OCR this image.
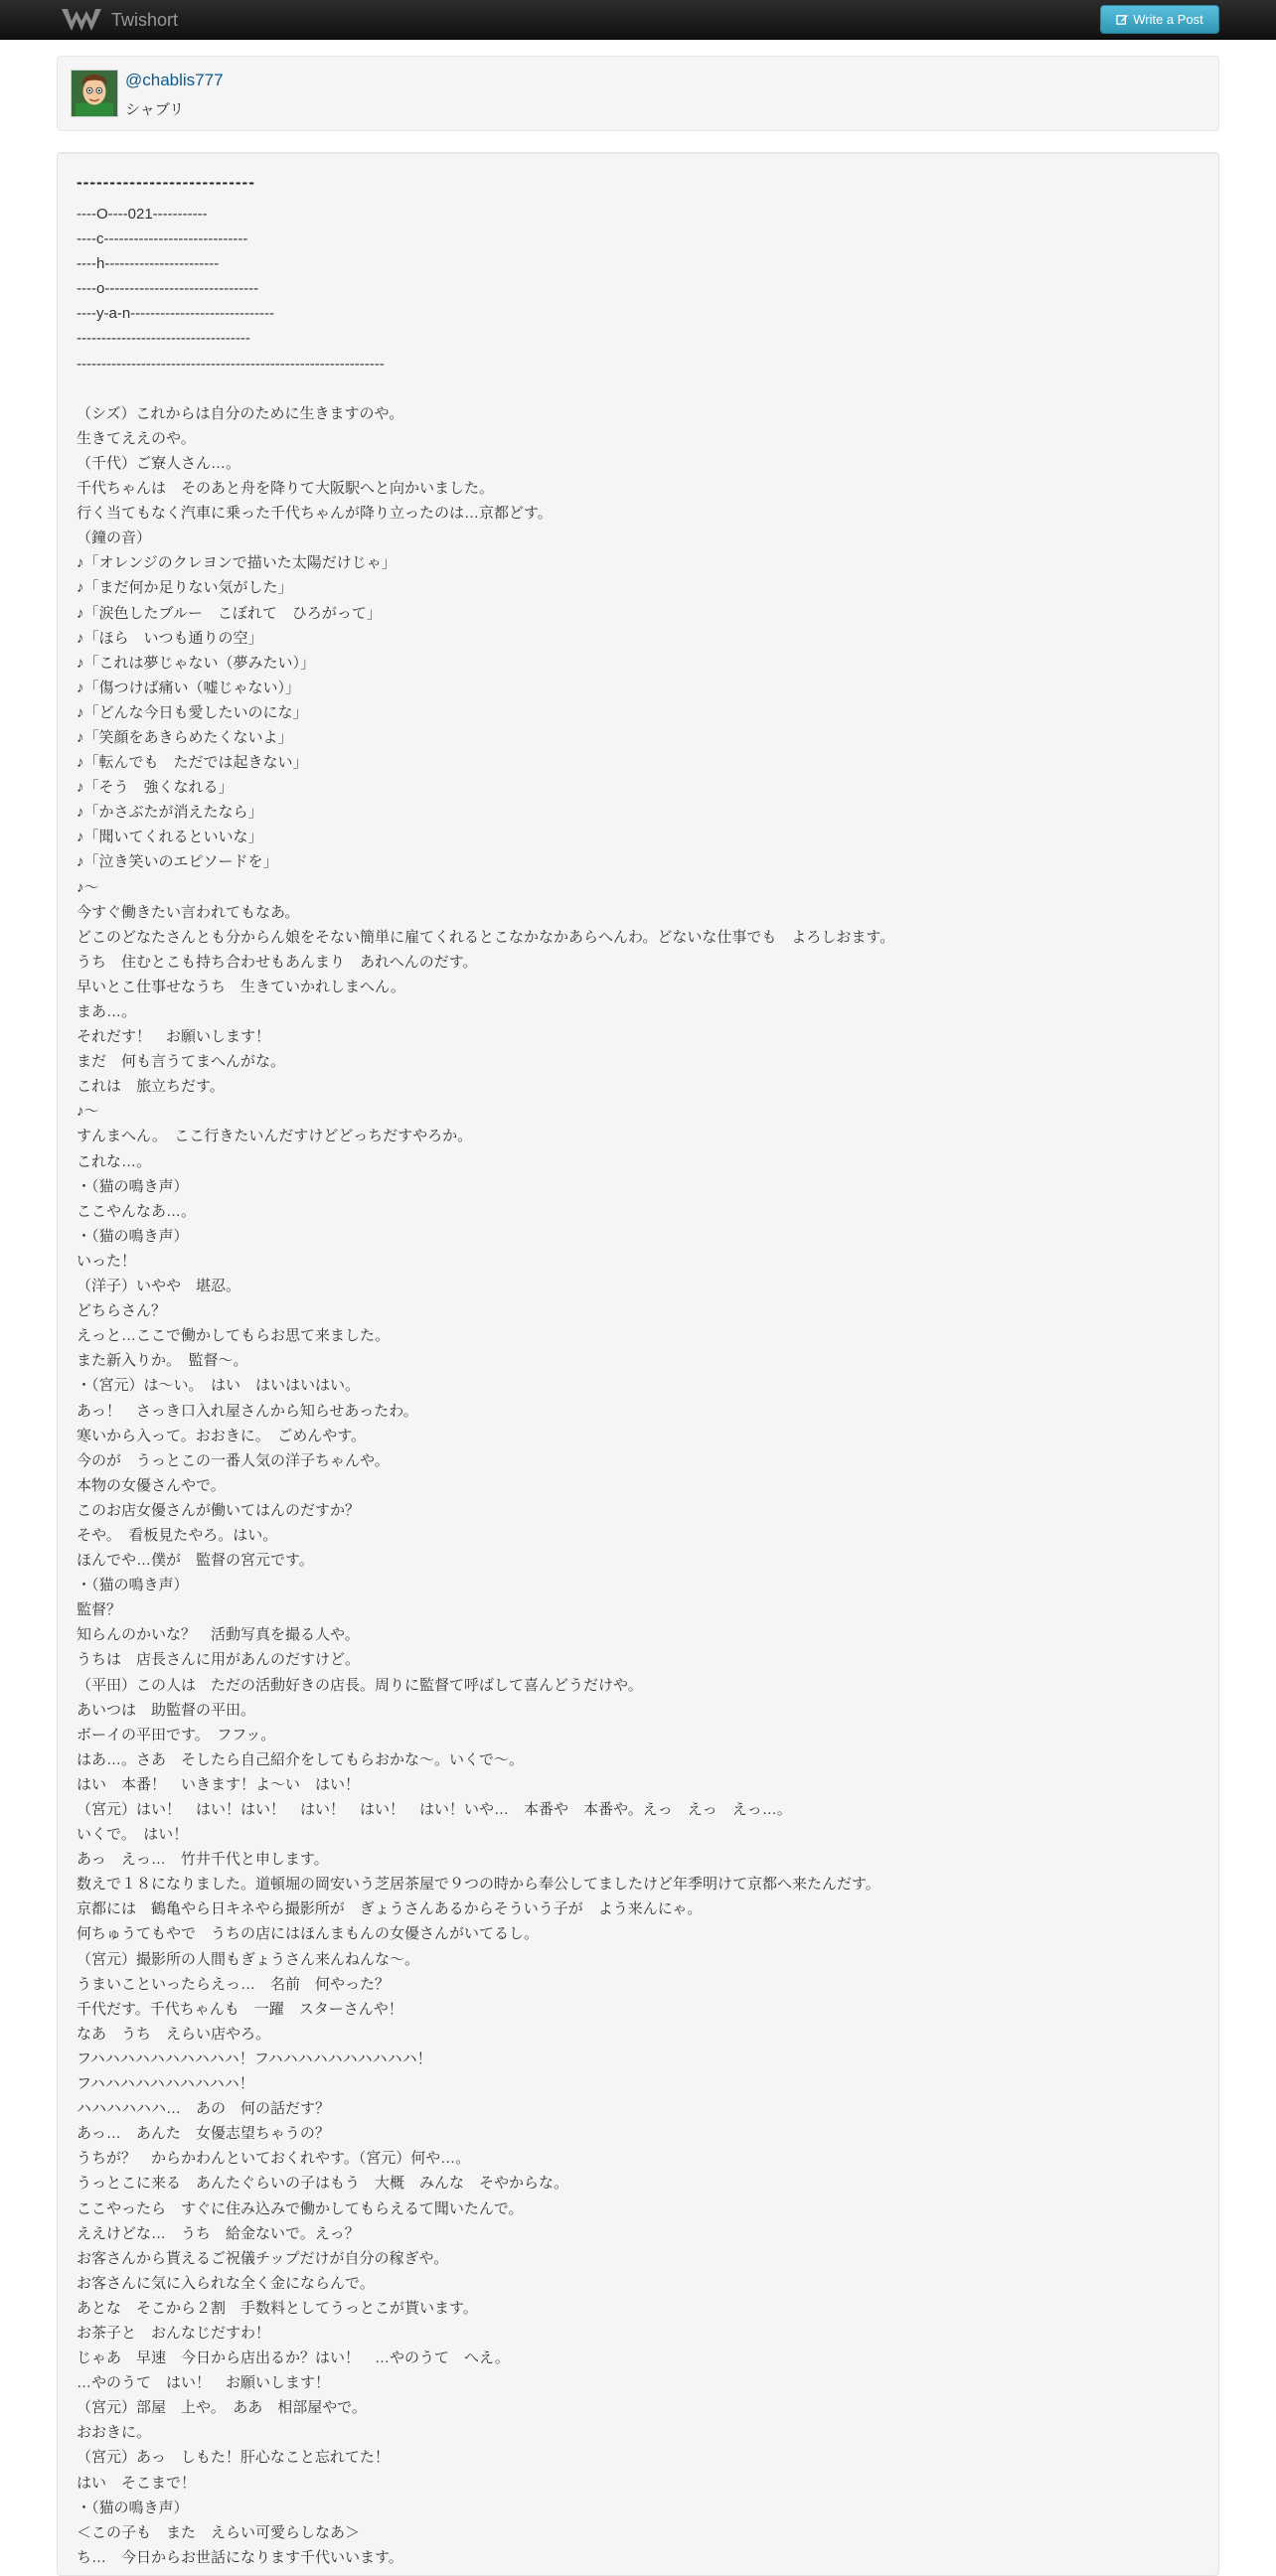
Twishort	Write a Post
@chablis777
シャブリ
---------------------------
----O----021-----------
----c-----------------------------
----h-----------------------
----o-------------------------------
----y-a-n-----------------------------
-----------------------------------
--------------------------------------------------------------
（シズ）これからは自分のために生きますのや。
生きてええのや。
（千代）ご寮人さん…。
千代ちゃんは　そのあと舟を降りて大阪駅へと向かいました。
行く当てもなく汽車に乗った千代ちゃんが降り立ったのは…京都どす。
（鐘の音）
♪「オレンジのクレヨンで描いた太陽だけじゃ」
♪「まだ何か足りない気がした」
♪「涙色したブルー　こぼれて　ひろがって」
♪「ほら　いつも通りの空」
♪「これは夢じゃない（夢みたい）」
♪「傷つけば痛い（嘘じゃない）」
♪「どんな今日も愛したいのにな」
♪「笑顔をあきらめたくないよ」
♪「転んでも　ただでは起きない」
♪「そう　強くなれる」
♪「かさぶたが消えたなら」
♪「聞いてくれるといいな」
♪「泣き笑いのエピソードを」
♪～
今すぐ働きたい言われてもなあ。
どこのどなたさんとも分からん娘をそない簡単に雇てくれるとこなかなかあらへんわ。どないな仕事でも　よろしおます。
うち　住むとこも持ち合わせもあんまり　あれへんのだす。
早いとこ仕事せなうち　生きていかれしまへん。
まあ…。
それだす！　お願いします！
まだ　何も言うてまへんがな。
これは　旅立ちだす。
♪～
すんまへん。　ここ行きたいんだすけどどっちだすやろか。
これな…。
・（猫の鳴き声）
ここやんなあ…。
・（猫の鳴き声）
いった！
（洋子）いやや　堪忍。
どちらさん？
えっと…ここで働かしてもらお思て来ました。
また新入りか。　監督～。
・（宮元）は～い。　はい　はいはいはい。
あっ！　さっき口入れ屋さんから知らせあったわ。
寒いから入って。おおきに。　ごめんやす。
今のが　うっとこの一番人気の洋子ちゃんや。
本物の女優さんやで。
このお店女優さんが働いてはんのだすか？
そや。　看板見たやろ。はい。
ほんでや…僕が　監督の宮元です。
・（猫の鳴き声）
監督？
知らんのかいな？　活動写真を撮る人や。
うちは　店長さんに用があんのだすけど。
（平田）この人は　ただの活動好きの店長。周りに監督て呼ばして喜んどうだけや。
あいつは　助監督の平田。
ボーイの平田です。　フフッ。
はあ…。さあ　そしたら自己紹介をしてもらおかな～。いくで～。
はい　本番！　いきます！よ～い　はい！
（宮元）はい！　はい！はい！　はい！　はい！　はい！いや…　本番や　本番や。えっ　えっ　えっ…。
いくで。　はい！
あっ　えっ…　竹井千代と申します。
数えで１８になりました。道頓堀の岡安いう芝居茶屋で９つの時から奉公してましたけど年季明けて京都へ来たんだす。
京都には　鶴亀やら日キネやら撮影所が　ぎょうさんあるからそういう子が　よう来んにゃ。
何ちゅうてもやで　うちの店にはほんまもんの女優さんがいてるし。
（宮元）撮影所の人間もぎょうさん来んねんな～。
うまいこといったらえっ…　名前　何やった？
千代だす。千代ちゃんも　一躍　スターさんや！
なあ　うち　えらい店やろ。
フハハハハハハハハハハ！フハハハハハハハハハハ！
フハハハハハハハハハハ！
ハハハハハハ…　あの　何の話だす？
あっ…　あんた　女優志望ちゃうの？
うちが？　からかわんといておくれやす。（宮元）何や…。
うっとこに来る　あんたぐらいの子はもう　大概　みんな　そやからな。
ここやったら　すぐに住み込みで働かしてもらえるて聞いたんで。
ええけどな…　うち　給金ないで。えっ？
お客さんから貰えるご祝儀チップだけが自分の稼ぎや。
お客さんに気に入られな全く金にならんで。
あとな　そこから２割　手数料としてうっとこが貰います。
お茶子と　おんなじだすわ！
じゃあ　早速　今日から店出るか？はい！　…やのうて　へえ。
…やのうて　はい！　お願いします！
（宮元）部屋　上や。　ああ　相部屋やで。
おおきに。
（宮元）あっ　しもた！肝心なこと忘れてた！
はい　そこまで！
・（猫の鳴き声）
＜この子も　また　えらい可愛らしなあ＞
ち…　今日からお世話になります千代いいます。
